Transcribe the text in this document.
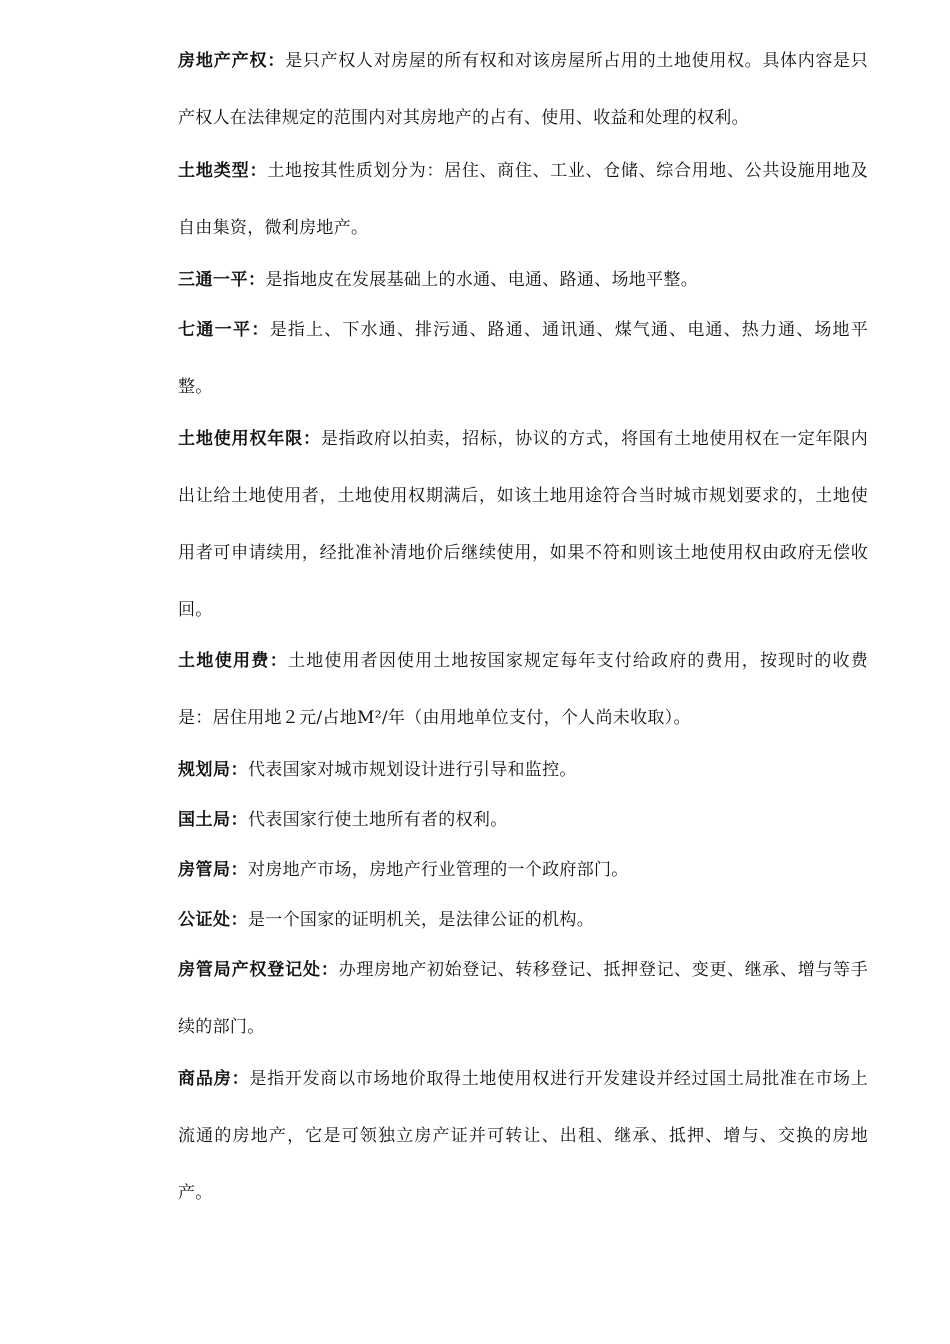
房地产产权：是只产权人对房屋的所有权和对该房屋所占用的土地使用权。具体内容是只产权人在法律规定的范围内对其房地产的占有、使用、收益和处理的权利。

土地类型：土地按其性质划分为：居住、商住、工业、仓储、综合用地、公共设施用地及自由集资，微利房地产。

三通一平：是指地皮在发展基础上的水通、电通、路通、场地平整。

七通一平：是指上、下水通、排污通、路通、通讯通、煤气通、电通、热力通、场地平整。

土地使用权年限：是指政府以拍卖，招标，协议的方式，将国有土地使用权在一定年限内出让给土地使用者，土地使用权期满后，如该土地用途符合当时城市规划要求的，土地使用者可申请续用，经批准补清地价后继续使用，如果不符和则该土地使用权由政府无偿收回。

土地使用费：土地使用者因使用土地按国家规定每年支付给政府的费用，按现时的收费是：居住用地２元/占地M²/年（由用地单位支付，个人尚未收取）。

规划局：代表国家对城市规划设计进行引导和监控。

国土局：代表国家行使土地所有者的权利。

房管局：对房地产市场，房地产行业管理的一个政府部门。

公证处：是一个国家的证明机关，是法律公证的机构。

房管局产权登记处：办理房地产初始登记、转移登记、抵押登记、变更、继承、增与等手续的部门。

商品房：是指开发商以市场地价取得土地使用权进行开发建设并经过国土局批准在市场上流通的房地产，它是可领独立房产证并可转让、出租、继承、抵押、增与、交换的房地产。
